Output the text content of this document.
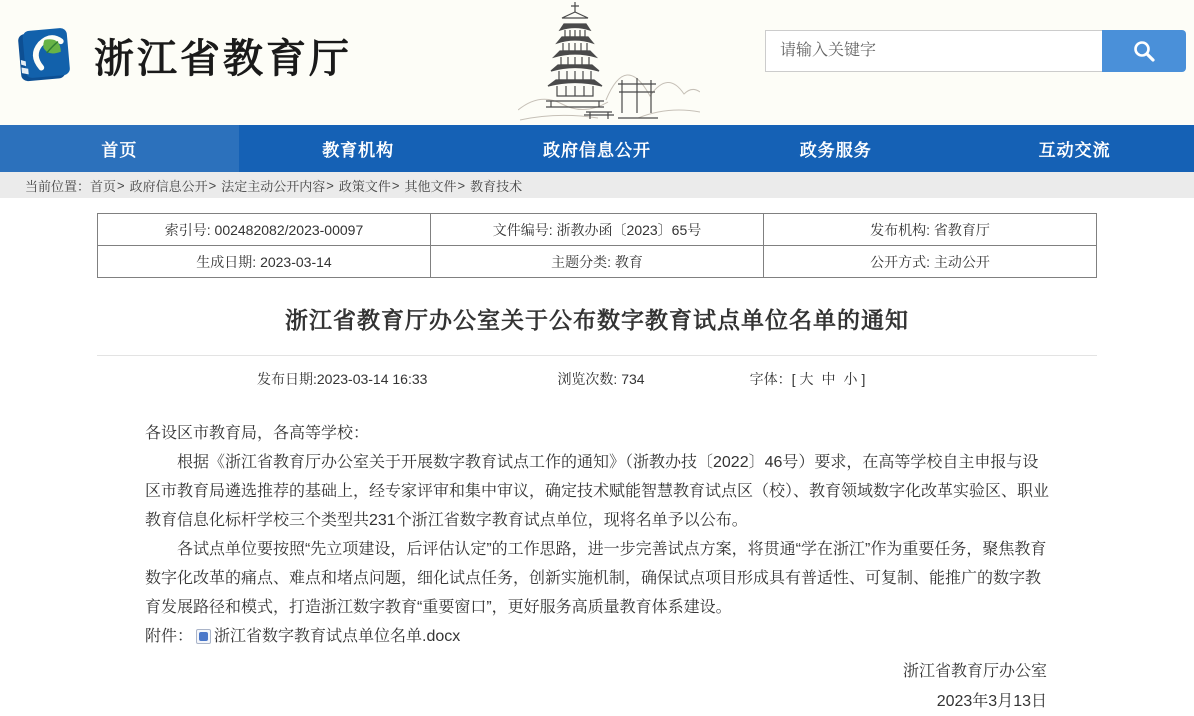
浙江省教育厅
请输入关键字
首页	教育机构	政府信息公开	政务服务	互动交流
当前位置： 首页 > 政府信息公开 > 法定主动公开内容 > 政策文件 > 其他文件 > 教育技术
索引号: 002482082/2023-00097	文件编号: 浙教办函〔2023〕65号	发布机构: 省教育厅
生成日期: 2023-03-14	主题分类: 教育	公开方式: 主动公开
浙江省教育厅办公室关于公布数字教育试点单位名单的通知
发布日期:2023-03-14 16:33	浏览次数: 734	字体：[ 大 中 小 ]

各设区市教育局，各高等学校：

根据《浙江省教育厅办公室关于开展数字教育试点工作的通知》（浙教办技〔2022〕46号）要求，在高等学校自主申报与设区市教育局遴选推荐的基础上，经专家评审和集中审议，确定技术赋能智慧教育试点区（校）、教育领域数字化改革实验区、职业教育信息化标杆学校三个类型共231个浙江省数字教育试点单位，现将名单予以公布。

各试点单位要按照“先立项建设，后评估认定”的工作思路，进一步完善试点方案，将贯通“学在浙江”作为重要任务，聚焦教育数字化改革的痛点、难点和堵点问题，细化试点任务，创新实施机制，确保试点项目形成具有普适性、可复制、能推广的数字教育发展路径和模式，打造浙江数字教育“重要窗口”，更好服务高质量教育体系建设。

附件： 浙江省数字教育试点单位名单.docx

浙江省教育厅办公室
2023年3月13日
